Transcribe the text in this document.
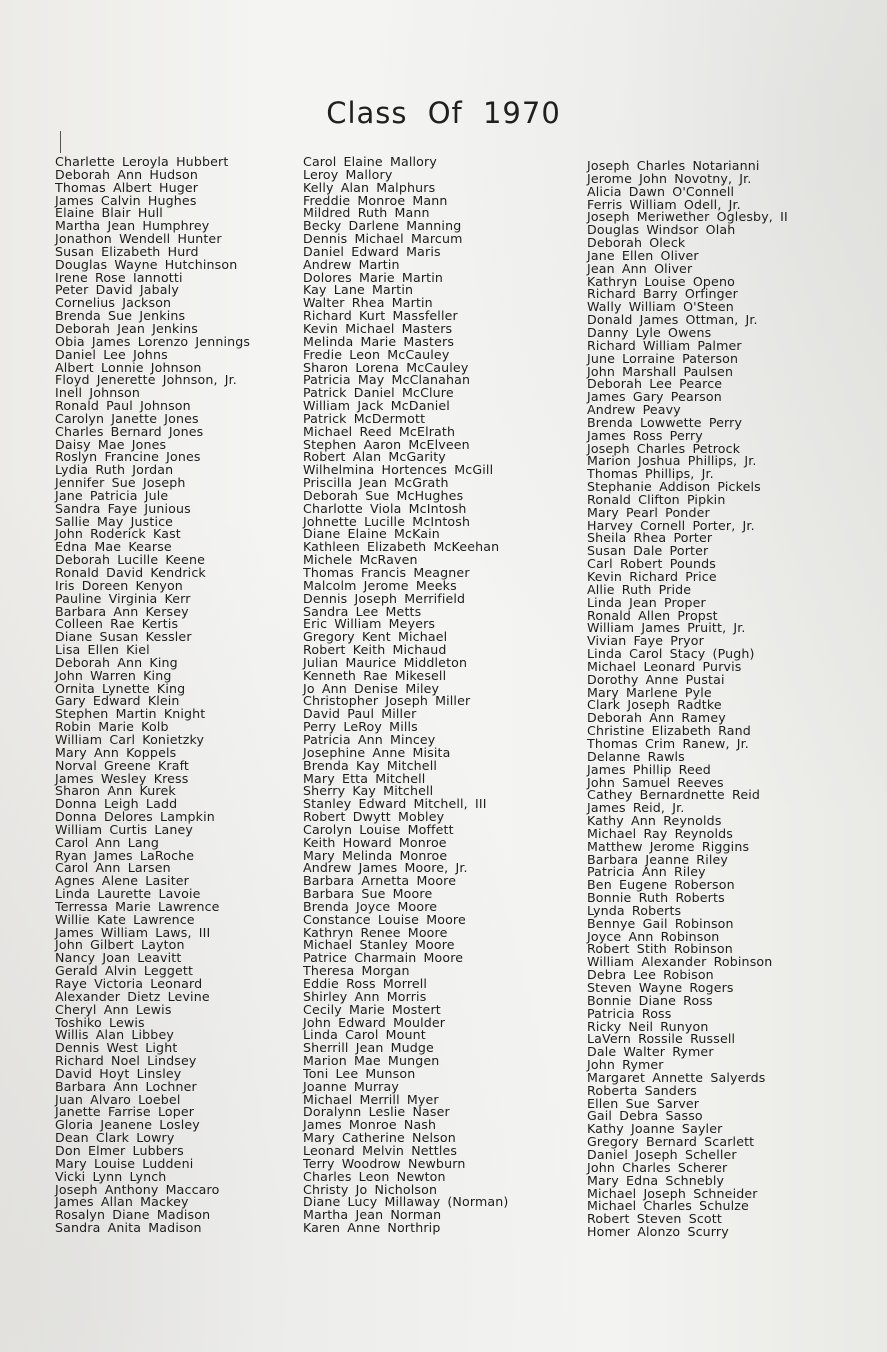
Class Of 1970
Charlette Leroyla Hubbert
Deborah Ann Hudson
Thomas Albert Huger
James Calvin Hughes
Elaine Blair Hull
Martha Jean Humphrey
Jonathon Wendell Hunter
Susan Elizabeth Hurd
Douglas Wayne Hutchinson
Irene Rose Iannotti
Peter David Jabaly
Cornelius Jackson
Brenda Sue Jenkins
Deborah Jean Jenkins
Obia James Lorenzo Jennings
Daniel Lee Johns
Albert Lonnie Johnson
Floyd Jenerette Johnson, Jr.
Inell Johnson
Ronald Paul Johnson
Carolyn Janette Jones
Charles Bernard Jones
Daisy Mae Jones
Roslyn Francine Jones
Lydia Ruth Jordan
Jennifer Sue Joseph
Jane Patricia Jule
Sandra Faye Junious
Sallie May Justice
John Roderick Kast
Edna Mae Kearse
Deborah Lucille Keene
Ronald David Kendrick
Iris Doreen Kenyon
Pauline Virginia Kerr
Barbara Ann Kersey
Colleen Rae Kertis
Diane Susan Kessler
Lisa Ellen Kiel
Deborah Ann King
John Warren King
Ornita Lynette King
Gary Edward Klein
Stephen Martin Knight
Robin Marie Kolb
William Carl Konietzky
Mary Ann Koppels
Norval Greene Kraft
James Wesley Kress
Sharon Ann Kurek
Donna Leigh Ladd
Donna Delores Lampkin
William Curtis Laney
Carol Ann Lang
Ryan James LaRoche
Carol Ann Larsen
Agnes Alene Lasiter
Linda Laurette Lavoie
Terressa Marie Lawrence
Willie Kate Lawrence
James William Laws, III
John Gilbert Layton
Nancy Joan Leavitt
Gerald Alvin Leggett
Raye Victoria Leonard
Alexander Dietz Levine
Cheryl Ann Lewis
Toshiko Lewis
Willis Alan Libbey
Dennis West Light
Richard Noel Lindsey
David Hoyt Linsley
Barbara Ann Lochner
Juan Alvaro Loebel
Janette Farrise Loper
Gloria Jeanene Losley
Dean Clark Lowry
Don Elmer Lubbers
Mary Louise Luddeni
Vicki Lynn Lynch
Joseph Anthony Maccaro
James Allan Mackey
Rosalyn Diane Madison
Sandra Anita Madison
Carol Elaine Mallory
Leroy Mallory
Kelly Alan Malphurs
Freddie Monroe Mann
Mildred Ruth Mann
Becky Darlene Manning
Dennis Michael Marcum
Daniel Edward Maris
Andrew Martin
Dolores Marie Martin
Kay Lane Martin
Walter Rhea Martin
Richard Kurt Massfeller
Kevin Michael Masters
Melinda Marie Masters
Fredie Leon McCauley
Sharon Lorena McCauley
Patricia May McClanahan
Patrick Daniel McClure
William Jack McDaniel
Patrick McDermott
Michael Reed McElrath
Stephen Aaron McElveen
Robert Alan McGarity
Wilhelmina Hortences McGill
Priscilla Jean McGrath
Deborah Sue McHughes
Charlotte Viola McIntosh
Johnette Lucille McIntosh
Diane Elaine McKain
Kathleen Elizabeth McKeehan
Michele McRaven
Thomas Francis Meagner
Malcolm Jerome Meeks
Dennis Joseph Merrifield
Sandra Lee Metts
Eric William Meyers
Gregory Kent Michael
Robert Keith Michaud
Julian Maurice Middleton
Kenneth Rae Mikesell
Jo Ann Denise Miley
Christopher Joseph Miller
David Paul Miller
Perry LeRoy Mills
Patricia Ann Mincey
Josephine Anne Misita
Brenda Kay Mitchell
Mary Etta Mitchell
Sherry Kay Mitchell
Stanley Edward Mitchell, III
Robert Dwytt Mobley
Carolyn Louise Moffett
Keith Howard Monroe
Mary Melinda Monroe
Andrew James Moore, Jr.
Barbara Arnetta Moore
Barbara Sue Moore
Brenda Joyce Moore
Constance Louise Moore
Kathryn Renee Moore
Michael Stanley Moore
Patrice Charmain Moore
Theresa Morgan
Eddie Ross Morrell
Shirley Ann Morris
Cecily Marie Mostert
John Edward Moulder
Linda Carol Mount
Sherrill Jean Mudge
Marion Mae Mungen
Toni Lee Munson
Joanne Murray
Michael Merrill Myer
Doralynn Leslie Naser
James Monroe Nash
Mary Catherine Nelson
Leonard Melvin Nettles
Terry Woodrow Newburn
Charles Leon Newton
Christy Jo Nicholson
Diane Lucy Millaway (Norman)
Martha Jean Norman
Karen Anne Northrip
Joseph Charles Notarianni
Jerome John Novotny, Jr.
Alicia Dawn O'Connell
Ferris William Odell, Jr.
Joseph Meriwether Oglesby, II
Douglas Windsor Olah
Deborah Oleck
Jane Ellen Oliver
Jean Ann Oliver
Kathryn Louise Openo
Richard Barry Orfinger
Wally William O'Steen
Donald James Ottman, Jr.
Danny Lyle Owens
Richard William Palmer
June Lorraine Paterson
John Marshall Paulsen
Deborah Lee Pearce
James Gary Pearson
Andrew Peavy
Brenda Lowwette Perry
James Ross Perry
Joseph Charles Petrock
Marion Joshua Phillips, Jr.
Thomas Phillips, Jr.
Stephanie Addison Pickels
Ronald Clifton Pipkin
Mary Pearl Ponder
Harvey Cornell Porter, Jr.
Sheila Rhea Porter
Susan Dale Porter
Carl Robert Pounds
Kevin Richard Price
Allie Ruth Pride
Linda Jean Proper
Ronald Allen Propst
William James Pruitt, Jr.
Vivian Faye Pryor
Linda Carol Stacy (Pugh)
Michael Leonard Purvis
Dorothy Anne Pustai
Mary Marlene Pyle
Clark Joseph Radtke
Deborah Ann Ramey
Christine Elizabeth Rand
Thomas Crim Ranew, Jr.
Delanne Rawls
James Phillip Reed
John Samuel Reeves
Cathey Bernardnette Reid
James Reid, Jr.
Kathy Ann Reynolds
Michael Ray Reynolds
Matthew Jerome Riggins
Barbara Jeanne Riley
Patricia Ann Riley
Ben Eugene Roberson
Bonnie Ruth Roberts
Lynda Roberts
Bennye Gail Robinson
Joyce Ann Robinson
Robert Stith Robinson
William Alexander Robinson
Debra Lee Robison
Steven Wayne Rogers
Bonnie Diane Ross
Patricia Ross
Ricky Neil Runyon
LaVern Rossile Russell
Dale Walter Rymer
John Rymer
Margaret Annette Salyerds
Roberta Sanders
Ellen Sue Sarver
Gail Debra Sasso
Kathy Joanne Sayler
Gregory Bernard Scarlett
Daniel Joseph Scheller
John Charles Scherer
Mary Edna Schnebly
Michael Joseph Schneider
Michael Charles Schulze
Robert Steven Scott
Homer Alonzo Scurry
